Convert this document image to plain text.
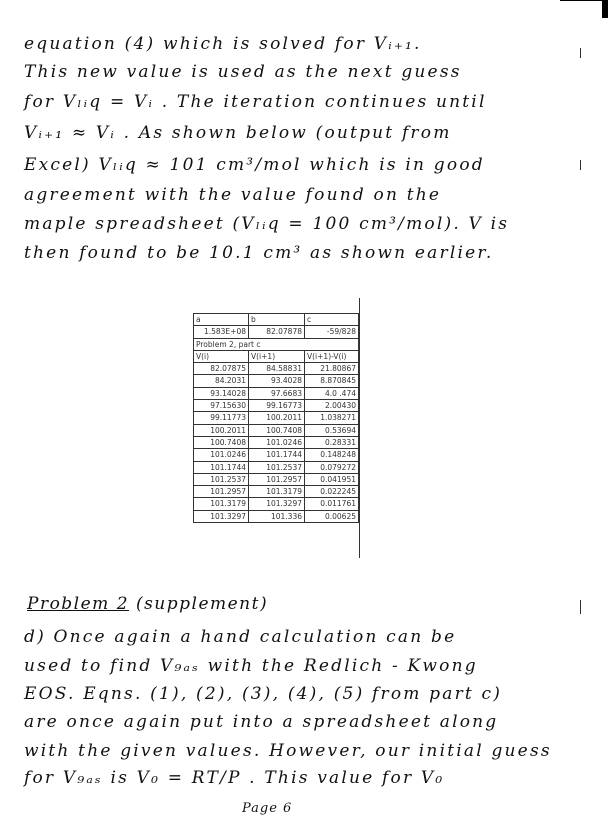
equation (4) which is solved for Vᵢ₊₁.
This new value is used as the next guess
for Vₗᵢq = Vᵢ . The iteration continues until
Vᵢ₊₁ ≈ Vᵢ . As shown below (output from
Excel) Vₗᵢq ≈ 101 cm³/mol which is in good
agreement with the value found on the
maple spreadsheet (Vₗᵢq = 100 cm³/mol). V is
then found to be 10.1 cm³ as shown earlier.
a	b	c
1.583E+08	82.07878	-59/828
Problem 2, part c
V(i)	V(i+1)	V(i+1)-V(i)
82.07875	84.58831	21.80867
84.2031	93.4028	8.870845
93.14028	97.6683	4.0 .474
97.15630	99.16773	2.00430
99.11773	100.2011	1.038271
100.2011	100.7408	0.53694
100.7408	101.0246	0.28331
101.0246	101.1744	0.148248
101.1744	101.2537	0.079272
101.2537	101.2957	0.041951
101.2957	101.3179	0.022245
101.3179	101.3297	0.011761
101.3297	101.336	0.00625
Problem 2 (supplement)
d) Once again a hand calculation can be
used to find V₉ₐₛ with the Redlich - Kwong
EOS. Eqns. (1), (2), (3), (4), (5) from part c)
are once again put into a spreadsheet along
with the given values. However, our initial guess
for V₉ₐₛ is V₀ = RT/P . This value for V₀
Page 6
